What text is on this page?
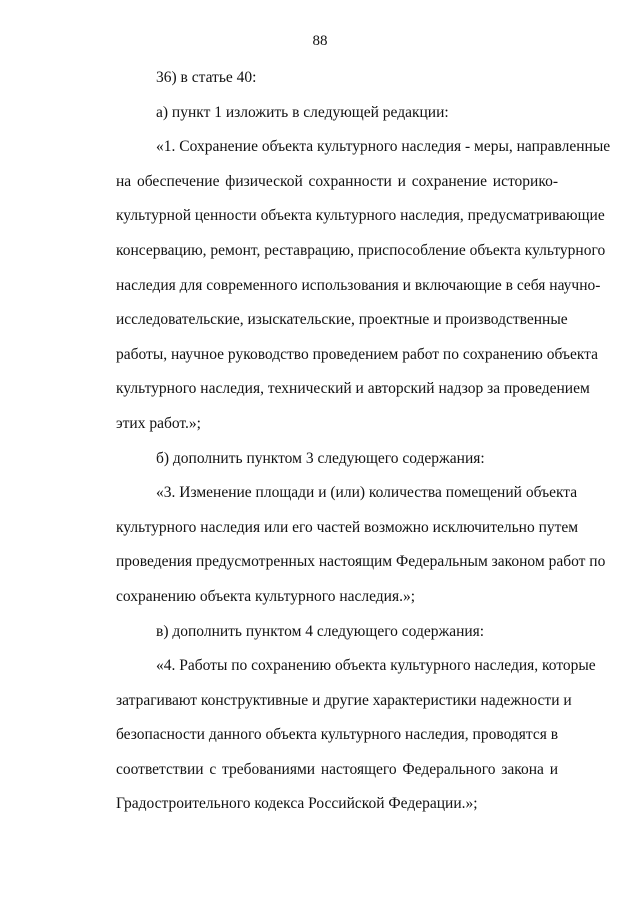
88
36) в статье 40:
а) пункт 1 изложить в следующей редакции:
«1. Сохранение объекта культурного наследия - меры, направленные
на обеспечение физической сохранности и сохранение историко-
культурной ценности объекта культурного наследия, предусматривающие
консервацию, ремонт, реставрацию, приспособление объекта культурного
наследия для современного использования и включающие в себя научно-
исследовательские, изыскательские, проектные и производственные
работы, научное руководство проведением работ по сохранению объекта
культурного наследия, технический и авторский надзор за проведением
этих работ.»;
б) дополнить пунктом 3 следующего содержания:
«3. Изменение площади и (или) количества помещений объекта
культурного наследия или его частей возможно исключительно путем
проведения предусмотренных настоящим Федеральным законом работ по
сохранению объекта культурного наследия.»;
в) дополнить пунктом 4 следующего содержания:
«4. Работы по сохранению объекта культурного наследия, которые
затрагивают конструктивные и другие характеристики надежности и
безопасности данного объекта культурного наследия, проводятся в
соответствии с требованиями настоящего Федерального закона и
Градостроительного кодекса Российской Федерации.»;
